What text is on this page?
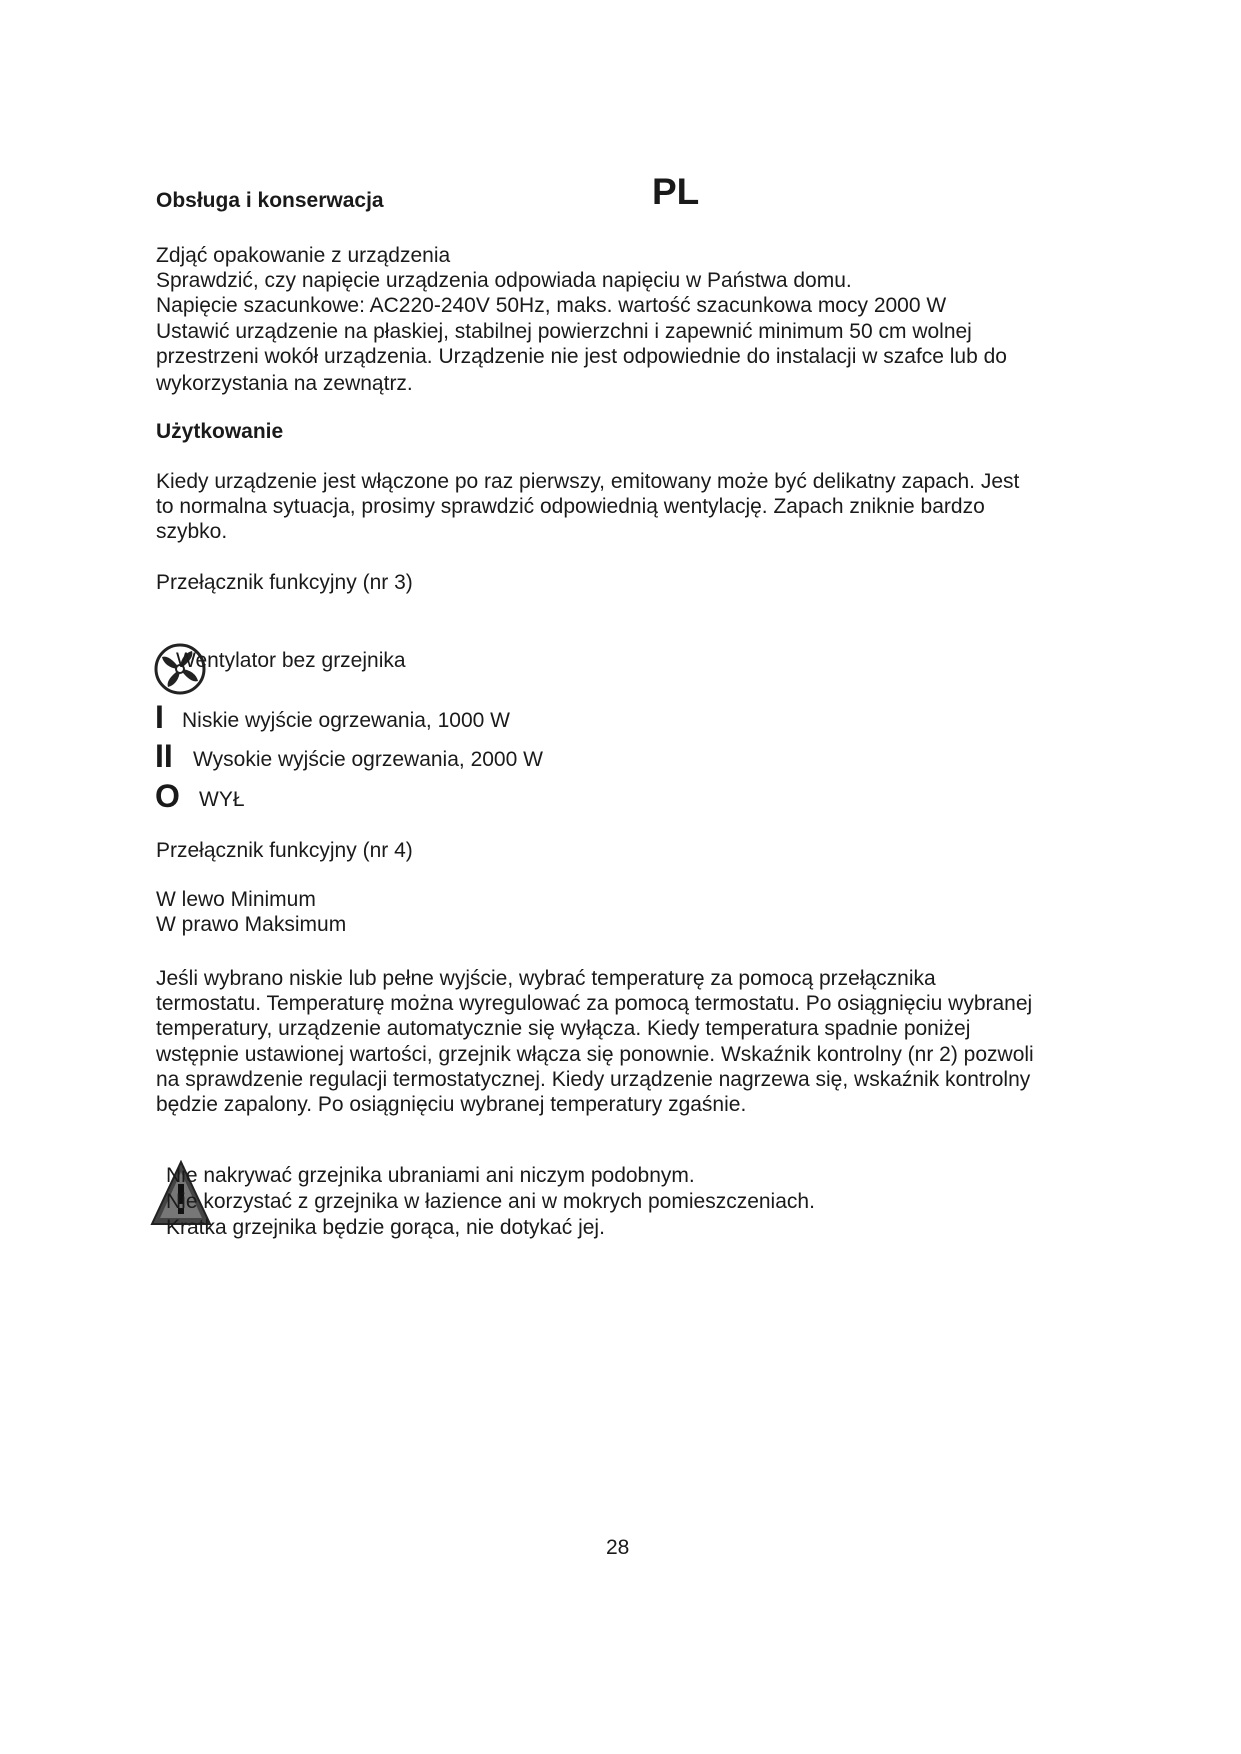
Obsługa i konserwacja	PL
Zdjąć opakowanie z urządzenia
Sprawdzić, czy napięcie urządzenia odpowiada napięciu w Państwa domu.
Napięcie szacunkowe: AC220-240V 50Hz, maks. wartość szacunkowa mocy 2000 W
Ustawić urządzenie na płaskiej, stabilnej powierzchni i zapewnić minimum 50 cm wolnej
przestrzeni wokół urządzenia. Urządzenie nie jest odpowiednie do instalacji w szafce lub do
wykorzystania na zewnątrz.
Użytkowanie
Kiedy urządzenie jest włączone po raz pierwszy, emitowany może być delikatny zapach. Jest
to normalna sytuacja, prosimy sprawdzić odpowiednią wentylację. Zapach zniknie bardzo
szybko.
Przełącznik funkcyjny (nr 3)
Wentylator bez grzejnika
I Niskie wyjście ogrzewania, 1000 W
II Wysokie wyjście ogrzewania, 2000 W
O WYŁ
Przełącznik funkcyjny (nr 4)
W lewo Minimum
W prawo Maksimum
Jeśli wybrano niskie lub pełne wyjście, wybrać temperaturę za pomocą przełącznika
termostatu. Temperaturę można wyregulować za pomocą termostatu. Po osiągnięciu wybranej
temperatury, urządzenie automatycznie się wyłącza. Kiedy temperatura spadnie poniżej
wstępnie ustawionej wartości, grzejnik włącza się ponownie. Wskaźnik kontrolny (nr 2) pozwoli
na sprawdzenie regulacji termostatycznej. Kiedy urządzenie nagrzewa się, wskaźnik kontrolny
będzie zapalony. Po osiągnięciu wybranej temperatury zgaśnie.
Nie nakrywać grzejnika ubraniami ani niczym podobnym.
Nie korzystać z grzejnika w łazience ani w mokrych pomieszczeniach.
Kratka grzejnika będzie gorąca, nie dotykać jej.
28
